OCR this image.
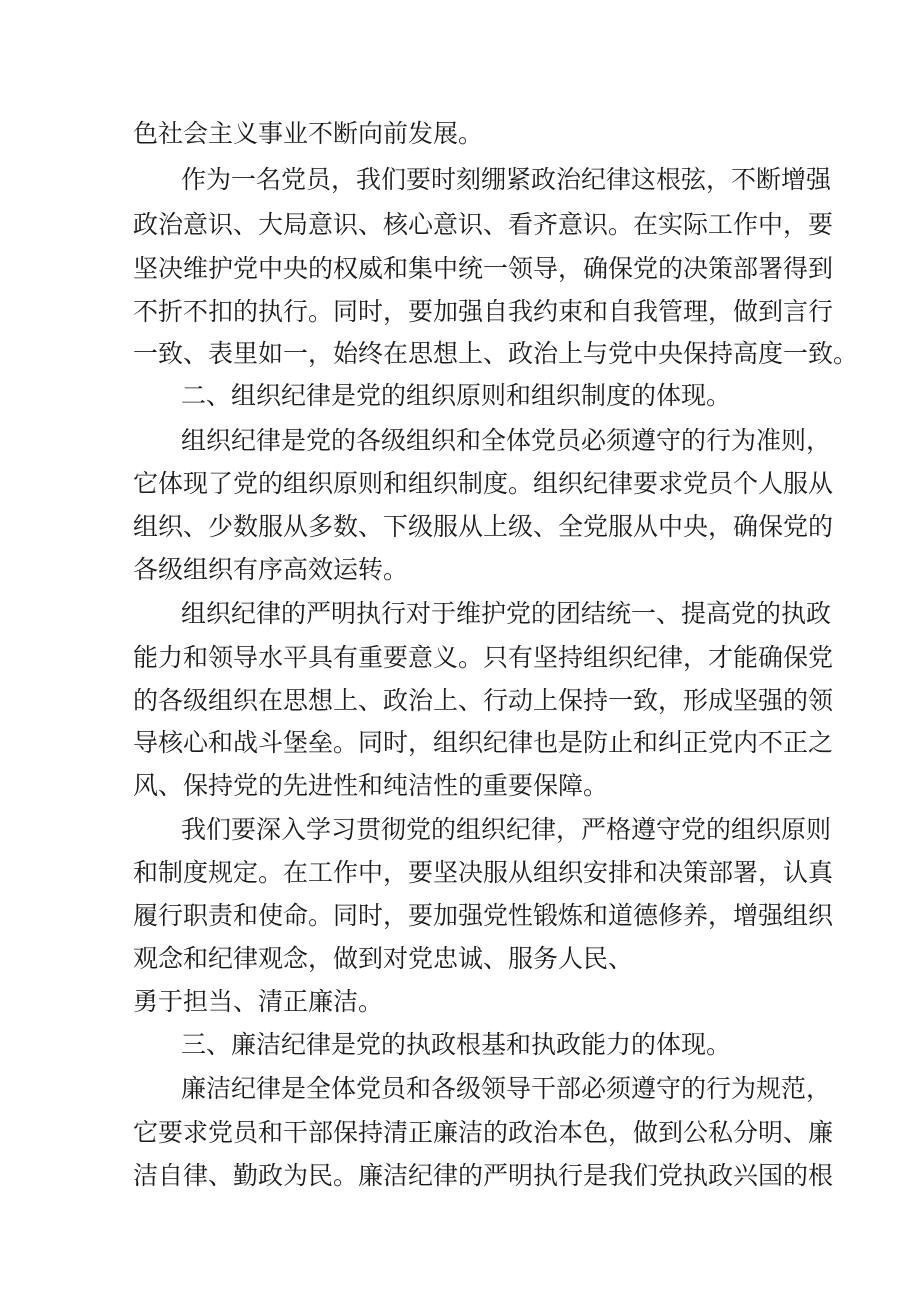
色社会主义事业不断向前发展。
作为一名党员，我们要时刻绷紧政治纪律这根弦，不断增强
政治意识、大局意识、核心意识、看齐意识。在实际工作中，要
坚决维护党中央的权威和集中统一领导，确保党的决策部署得到
不折不扣的执行。同时，要加强自我约束和自我管理，做到言行
一致、表里如一，始终在思想上、政治上与党中央保持高度一致。
二、组织纪律是党的组织原则和组织制度的体现。
组织纪律是党的各级组织和全体党员必须遵守的行为准则，
它体现了党的组织原则和组织制度。组织纪律要求党员个人服从
组织、少数服从多数、下级服从上级、全党服从中央，确保党的
各级组织有序高效运转。
组织纪律的严明执行对于维护党的团结统一、提高党的执政
能力和领导水平具有重要意义。只有坚持组织纪律，才能确保党
的各级组织在思想上、政治上、行动上保持一致，形成坚强的领
导核心和战斗堡垒。同时，组织纪律也是防止和纠正党内不正之
风、保持党的先进性和纯洁性的重要保障。
我们要深入学习贯彻党的组织纪律，严格遵守党的组织原则
和制度规定。在工作中，要坚决服从组织安排和决策部署，认真
履行职责和使命。同时，要加强党性锻炼和道德修养，增强组织
观念和纪律观念，做到对党忠诚、服务人民、
勇于担当、清正廉洁。
三、廉洁纪律是党的执政根基和执政能力的体现。
廉洁纪律是全体党员和各级领导干部必须遵守的行为规范，
它要求党员和干部保持清正廉洁的政治本色，做到公私分明、廉
洁自律、勤政为民。廉洁纪律的严明执行是我们党执政兴国的根
